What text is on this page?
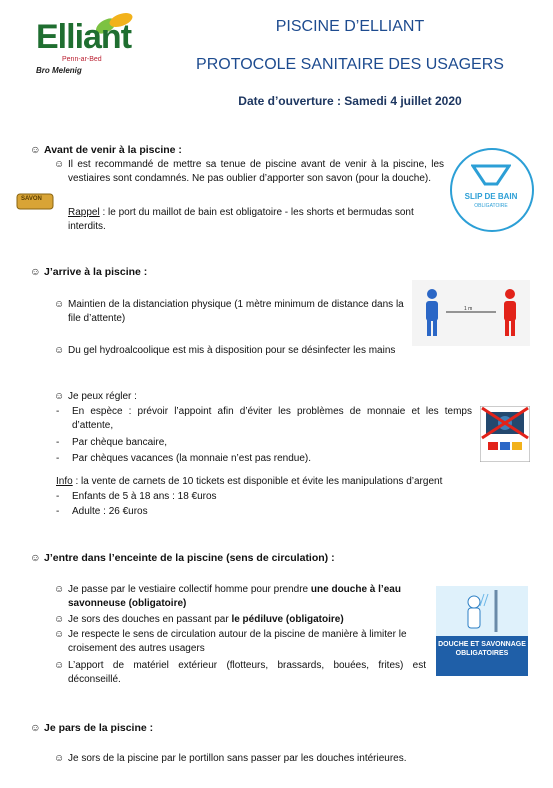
Elliant
Penn-ar-Bed
Bro Melenig
PISCINE D’ELLIANT
PROTOCOLE SANITAIRE DES USAGERS
Date d’ouverture : Samedi 4 juillet 2020
☺ Avant de venir à la piscine :
☺ Il est recommandé de mettre sa tenue de piscine avant de venir à la piscine, les vestiaires sont condamnés. Ne pas oublier d’apporter son savon (pour la douche).
Rappel : le port du maillot de bain est obligatoire - les shorts et bermudas sont interdits.
SAVON	SLIP DE BAIN
OBLIGATOIRE
☺ J’arrive à la piscine :
☺ Maintien de la distanciation physique (1 mètre minimum de distance dans la file d’attente)
1 m
☺ Du gel hydroalcoolique est mis à disposition pour se désinfecter les mains
☺ Je peux régler :
- En espèce : prévoir l’appoint afin d’éviter les problèmes de monnaie et les temps d’attente,
- Par chèque bancaire,
- Par chèques vacances (la monnaie n’est pas rendue).
Info : la vente de carnets de 10 tickets est disponible et évite les manipulations d’argent
- Enfants de 5 à 18 ans : 18 €uros
- Adulte : 26 €uros
☺ J’entre dans l’enceinte de la piscine (sens de circulation) :
☺ Je passe par le vestiaire collectif homme pour prendre une douche à l’eau savonneuse (obligatoire)
☺ Je sors des douches en passant par le pédiluve (obligatoire)
☺ Je respecte le sens de circulation autour de la piscine de manière à limiter le croisement des autres usagers
☺ L’apport de matériel extérieur (flotteurs, brassards, bouées, frites) est déconseillé.
DOUCHE ET SAVONNAGE OBLIGATOIRES
☺ Je pars de la piscine :
☺ Je sors de la piscine par le portillon sans passer par les douches intérieures.
